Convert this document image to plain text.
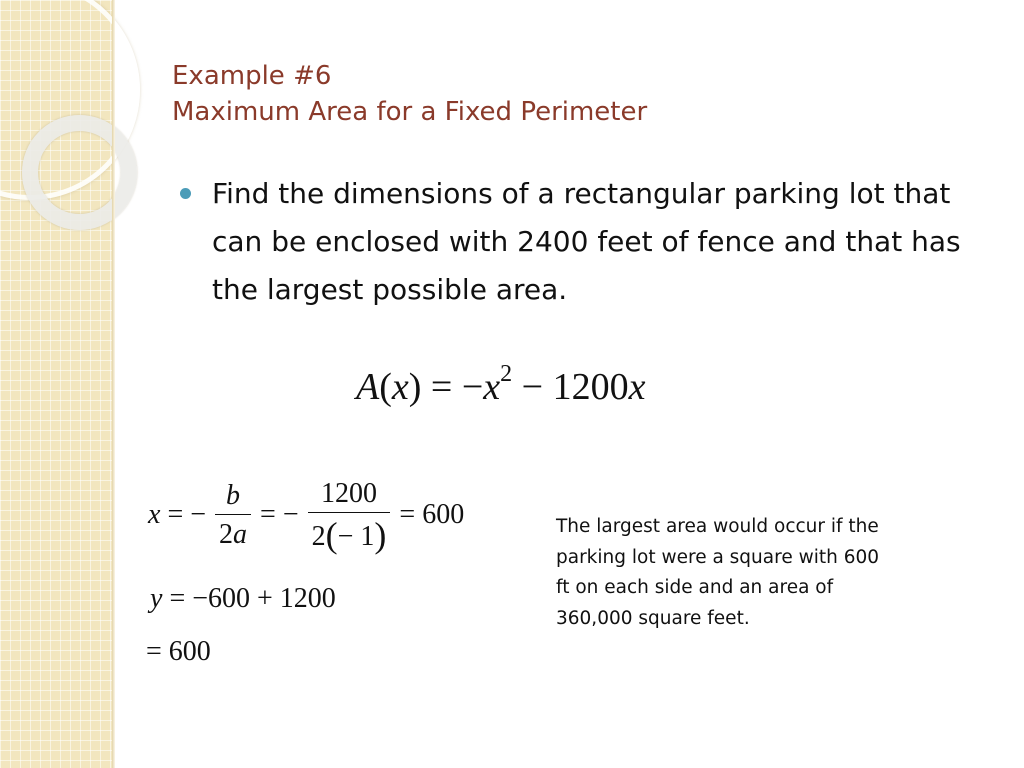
Example #6
Maximum Area for a Fixed Perimeter
Find the dimensions of a rectangular parking lot that can be enclosed with 2400 feet of fence and that has the largest possible area.
$A(x) = -x^2 - 1200x$
x = − $\frac{b}{2a}$ = − $\frac{1200}{2(- 1)} = 600$
y = −600 + 1200
= 600
The largest area would occur if the parking lot were a square with 600 ft on each side and an area of 360,000 square feet.
